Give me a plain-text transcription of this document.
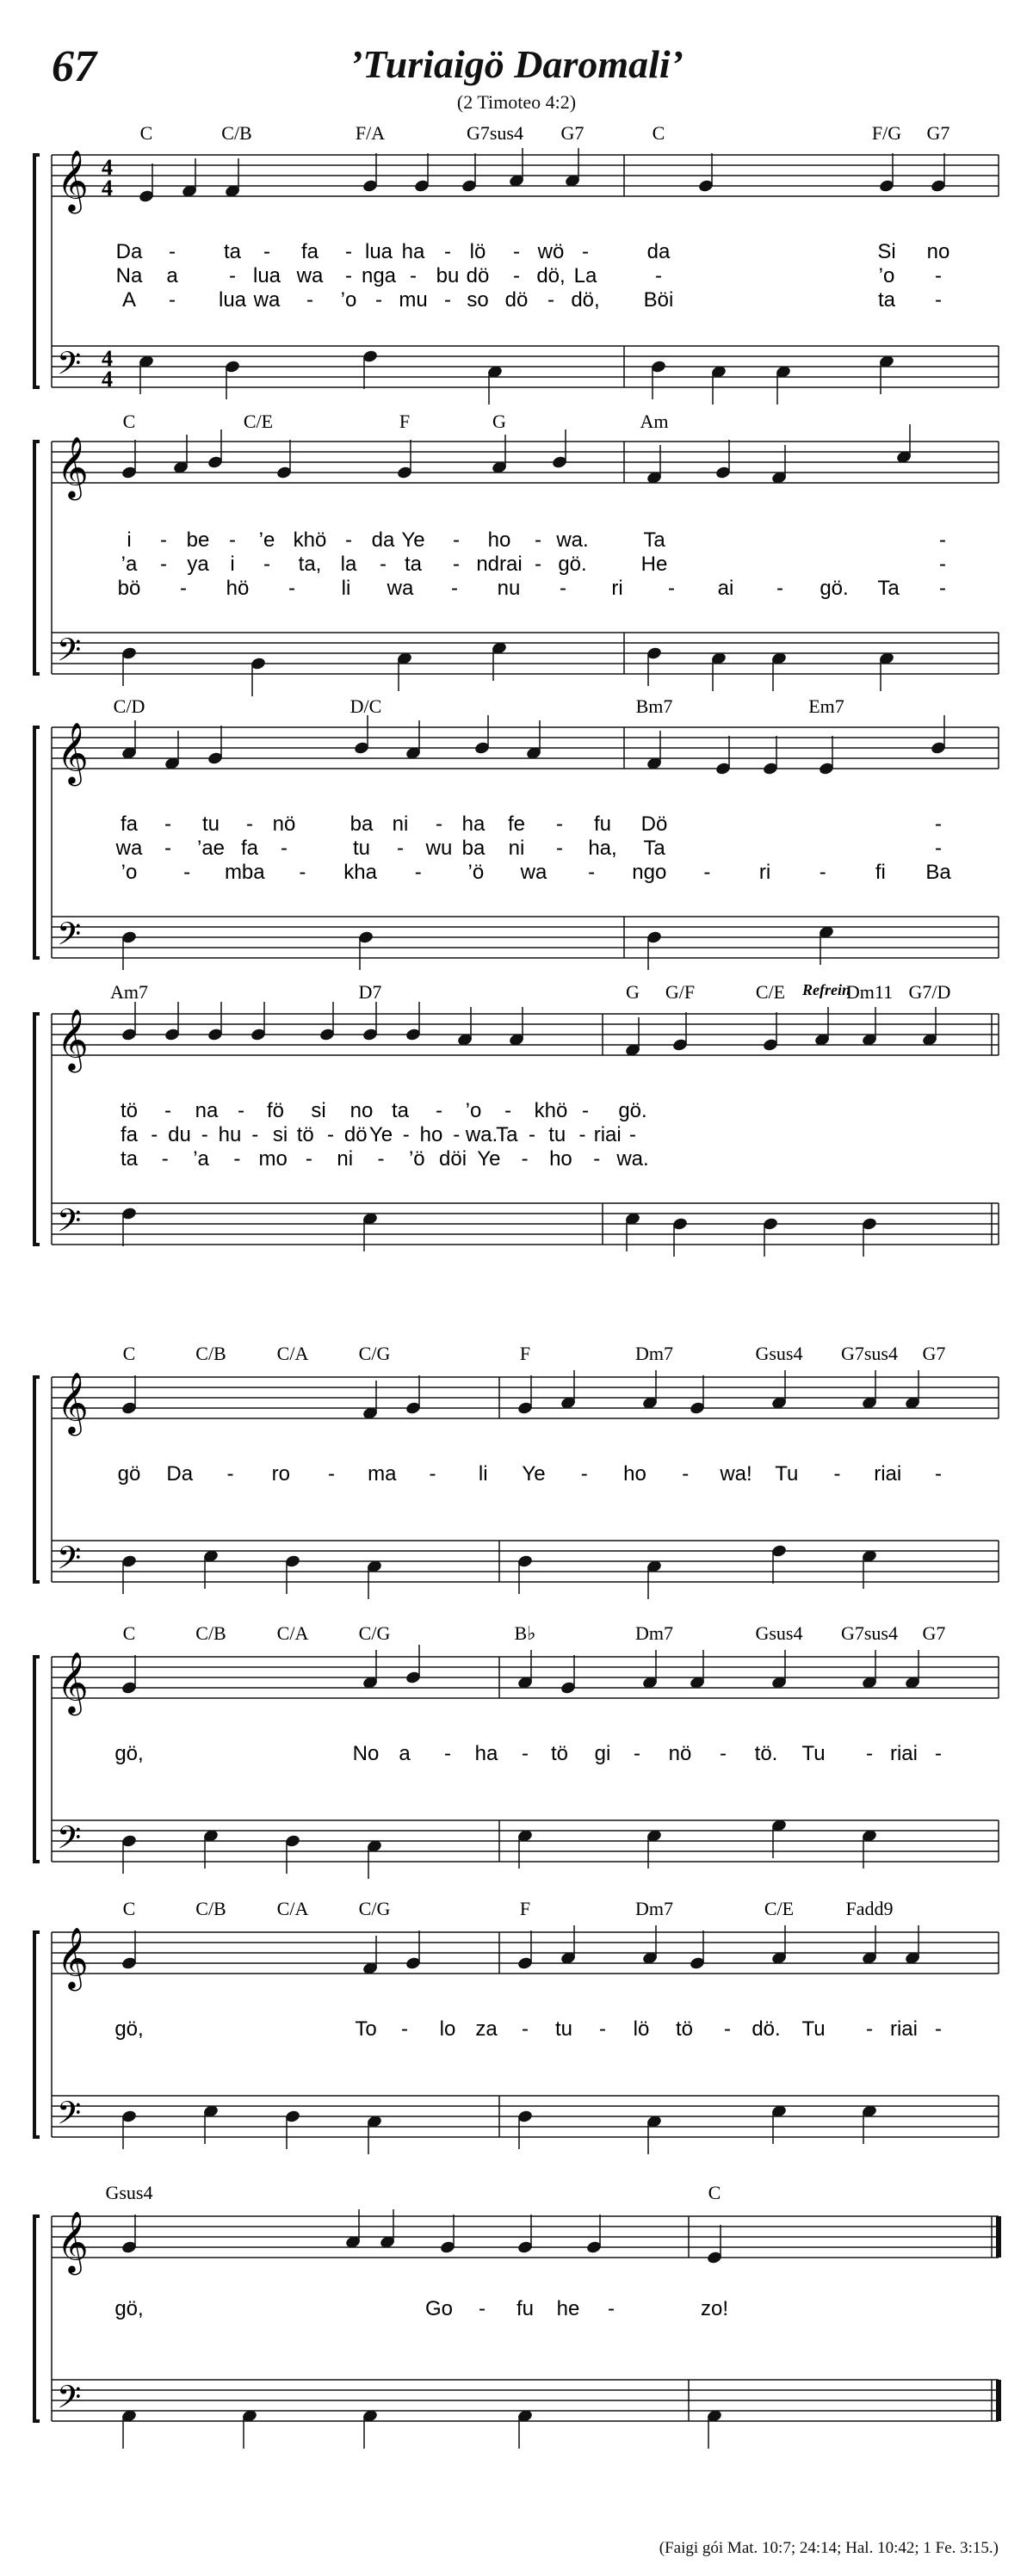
67	’Turiaigö Daromali’
(2 Timoteo 4:2)
𝄞
𝄢
4
4
4
4
C	C/B	F/A	G7sus4 G7	C	F/G G7
Da - ta - fa - lua ha - lö - wö -	da	Si no
Na a - lua wa - nga - bu dö - dö, La	-	’o -
A - lua wa - ’o - mu - so dö - dö, Böi	ta -
𝄞
𝄢
C	C/E	F	G	Am
i - be - ’e khö - da Ye - ho - wa.	Ta	-
’a - ya i - ta, la - ta - ndrai - gö.	He	-
bö - hö - li wa - nu - ri - ai - gö. Ta -
𝄞
𝄢
C/D	D/C	Bm7	Em7
fa - tu - nö	ba ni - ha fe - fu Dö	-
wa - ’ae fa -	tu - wu ba ni - ha, Ta	-
’o - mba - kha - ’ö wa - ngo - ri - fi Ba
𝄞
𝄢
Am7	D7	G G/F	C/E	Dm11 G7/D
Refrein
tö - na - fö si no ta - ’o - khö - gö.
fa - du - hu - si tö - dö Ye - ho - wa.
Ta - tu - riai -
ta - ’a - mo - ni - ’ö döi Ye - ho - wa.
𝄞
𝄢
C	C/B	C/A	C/G	F	Dm7	Gsus4 G7sus4 G7
gö Da - ro - ma - li Ye - ho - wa! Tu - riai -
𝄞
𝄢
C	C/B	C/A	C/G	B♭	Dm7	Gsus4 G7sus4 G7
gö,	No a - ha - tö gi - nö - tö. Tu - riai -
𝄞
𝄢
C	C/B	C/A	C/G	F	Dm7	C/E	Fadd9
gö,	To - lo za - tu - lö tö - dö. Tu - riai -
𝄞
𝄢
Gsus4	C
gö,	Go - fu he -	zo!
(Faigi gói Mat. 10:7; 24:14; Hal. 10:42; 1 Fe. 3:15.)
